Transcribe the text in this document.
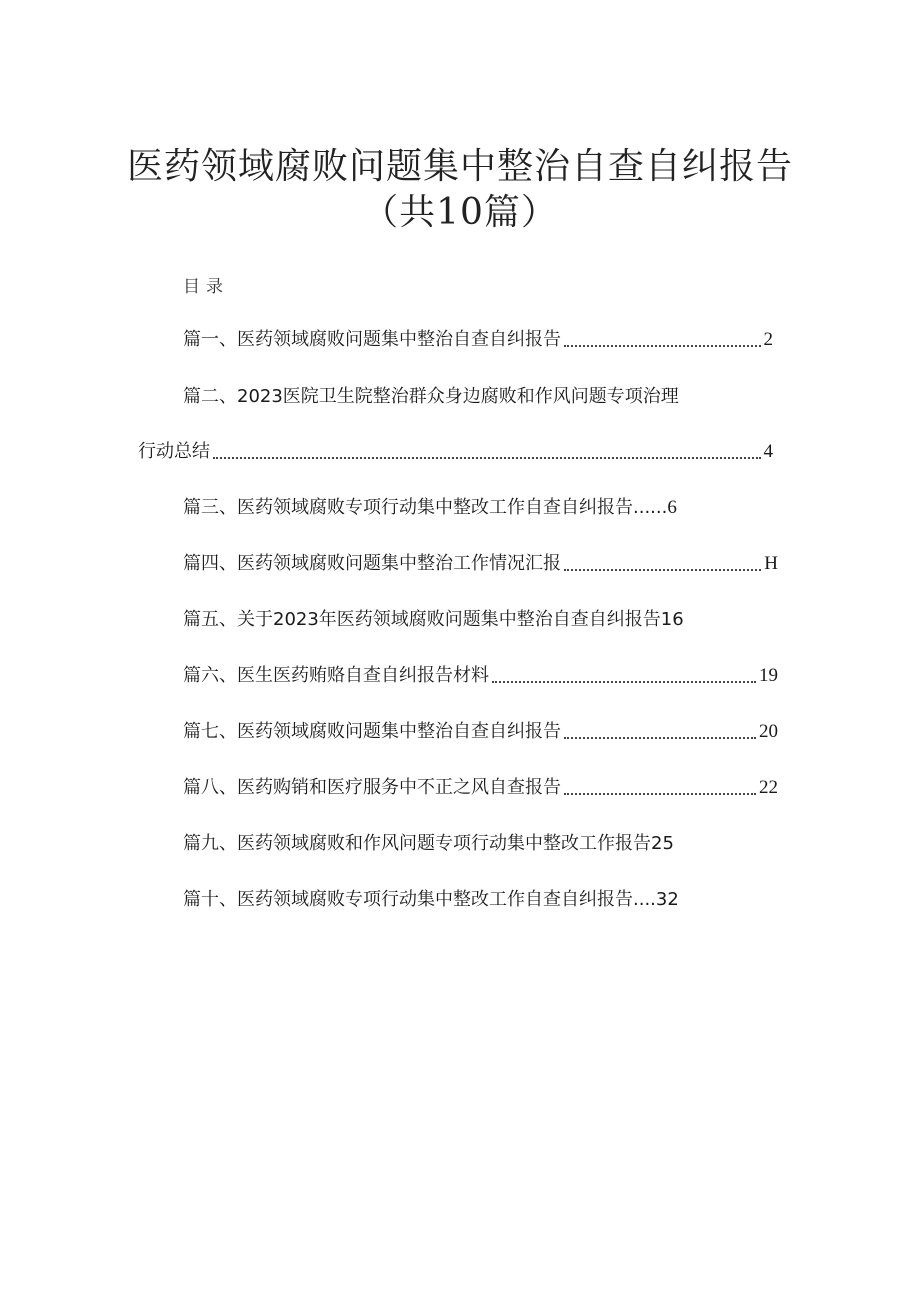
医药领域腐败问题集中整治自查自纠报告
（共10篇）
目录
篇一、医药领域腐败问题集中整治自查自纠报告	2
篇二、2023医院卫生院整治群众身边腐败和作风问题专项治理
行动总结	4
篇三、医药领域腐败专项行动集中整改工作自查自纠报告......6
篇四、医药领域腐败问题集中整治工作情况汇报	H
篇五、关于2023年医药领域腐败问题集中整治自查自纠报告16
篇六、医生医药贿赂自查自纠报告材料	19
篇七、医药领域腐败问题集中整治自查自纠报告	20
篇八、医药购销和医疗服务中不正之风自查报告	22
篇九、医药领域腐败和作风问题专项行动集中整改工作报告25
篇十、医药领域腐败专项行动集中整改工作自查自纠报告....32
